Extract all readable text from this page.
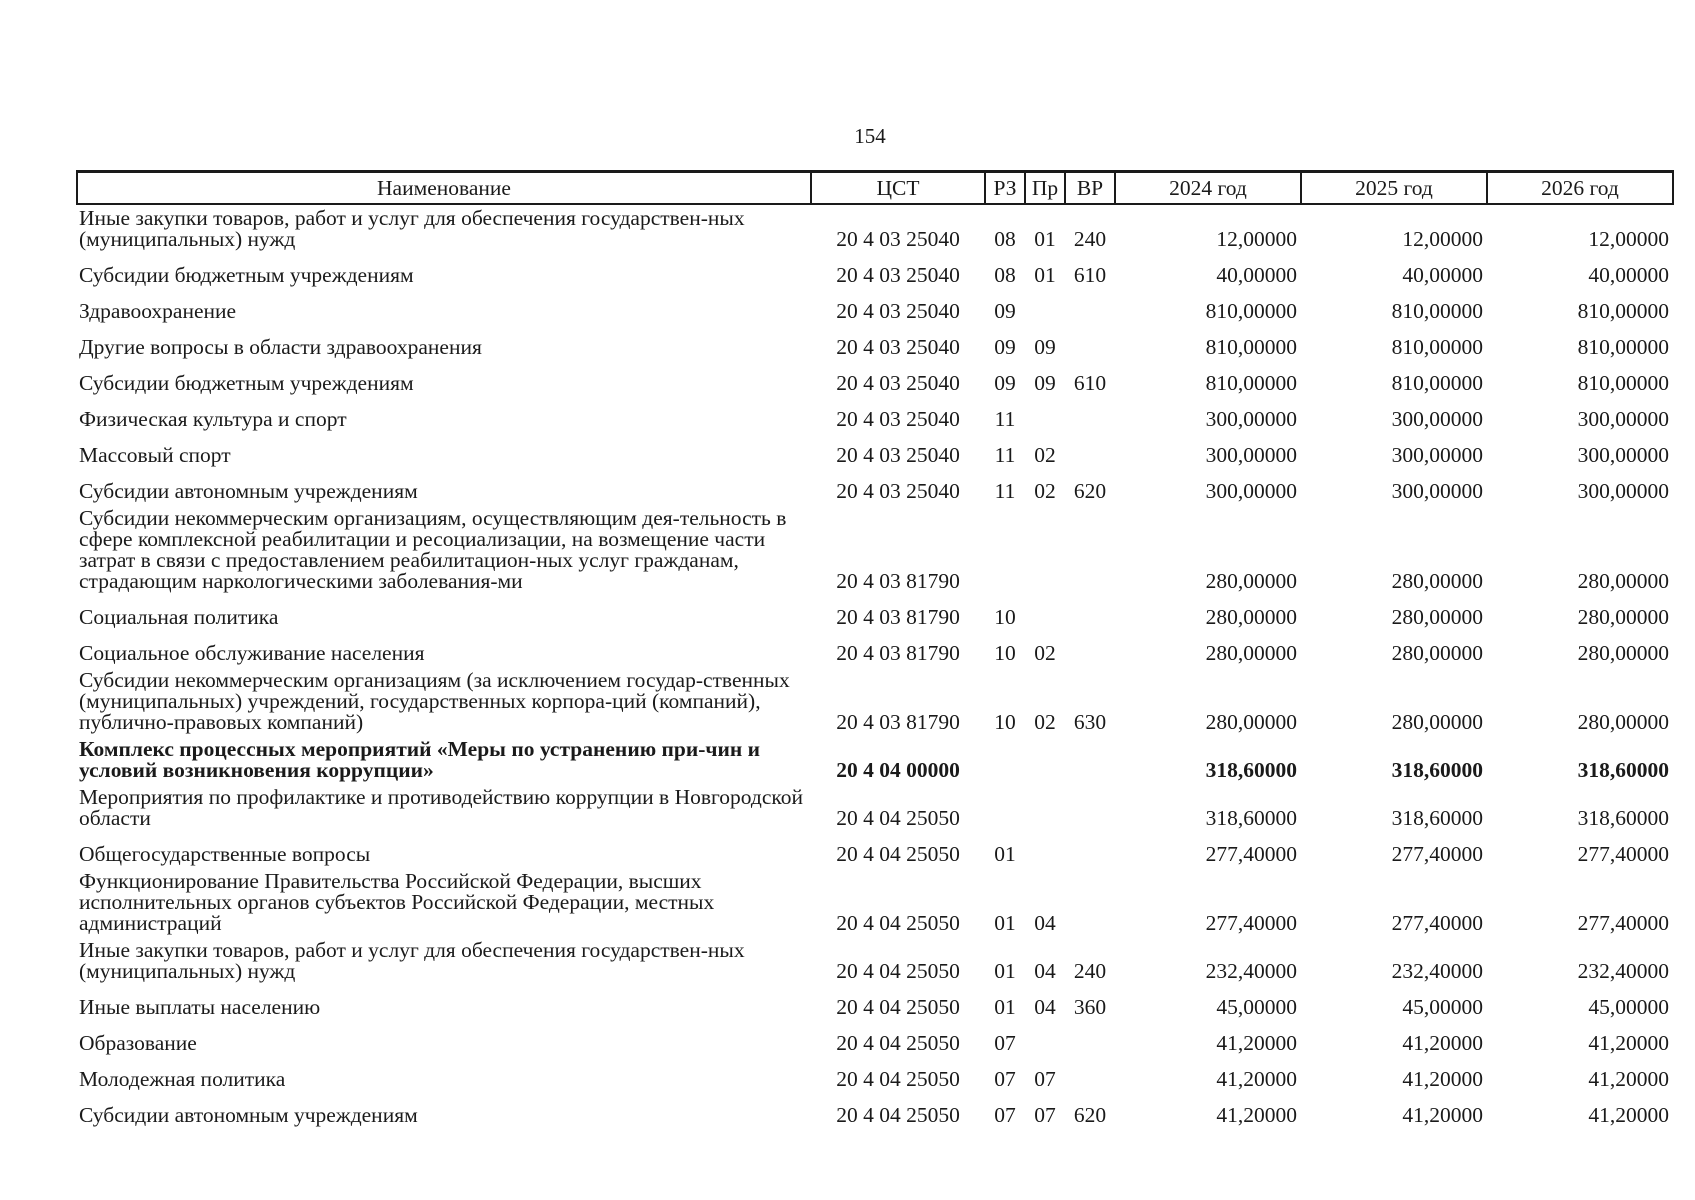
154
Наименование	ЦСТ	РЗ	Пр	ВР	2024 год	2025 год	2026 год
Иные закупки товаров, работ и услуг для обеспечения государствен-ных (муниципальных) нужд	20 4 03 25040	08	01	240	12,00000	12,00000	12,00000
Субсидии бюджетным учреждениям	20 4 03 25040	08	01	610	40,00000	40,00000	40,00000
Здравоохранение	20 4 03 25040	09			810,00000	810,00000	810,00000
Другие вопросы в области здравоохранения	20 4 03 25040	09	09		810,00000	810,00000	810,00000
Субсидии бюджетным учреждениям	20 4 03 25040	09	09	610	810,00000	810,00000	810,00000
Физическая культура и спорт	20 4 03 25040	11			300,00000	300,00000	300,00000
Массовый спорт	20 4 03 25040	11	02		300,00000	300,00000	300,00000
Субсидии автономным учреждениям	20 4 03 25040	11	02	620	300,00000	300,00000	300,00000
Субсидии некоммерческим организациям, осуществляющим дея-тельность в сфере комплексной реабилитации и ресоциализации, на возмещение части затрат в связи с предоставлением реабилитацион-ных услуг гражданам, страдающим наркологическими заболевания-ми	20 4 03 81790				280,00000	280,00000	280,00000
Социальная политика	20 4 03 81790	10			280,00000	280,00000	280,00000
Социальное обслуживание населения	20 4 03 81790	10	02		280,00000	280,00000	280,00000
Субсидии некоммерческим организациям (за исключением государ-ственных (муниципальных) учреждений, государственных корпора-ций (компаний), публично-правовых компаний)	20 4 03 81790	10	02	630	280,00000	280,00000	280,00000
Комплекс процессных мероприятий «Меры по устранению при-чин и условий возникновения коррупции»	20 4 04 00000				318,60000	318,60000	318,60000
Мероприятия по профилактике и противодействию коррупции в Новгородской области	20 4 04 25050				318,60000	318,60000	318,60000
Общегосударственные вопросы	20 4 04 25050	01			277,40000	277,40000	277,40000
Функционирование Правительства Российской Федерации, высших исполнительных органов субъектов Российской Федерации, местных администраций	20 4 04 25050	01	04		277,40000	277,40000	277,40000
Иные закупки товаров, работ и услуг для обеспечения государствен-ных (муниципальных) нужд	20 4 04 25050	01	04	240	232,40000	232,40000	232,40000
Иные выплаты населению	20 4 04 25050	01	04	360	45,00000	45,00000	45,00000
Образование	20 4 04 25050	07			41,20000	41,20000	41,20000
Молодежная политика	20 4 04 25050	07	07		41,20000	41,20000	41,20000
Субсидии автономным учреждениям	20 4 04 25050	07	07	620	41,20000	41,20000	41,20000
